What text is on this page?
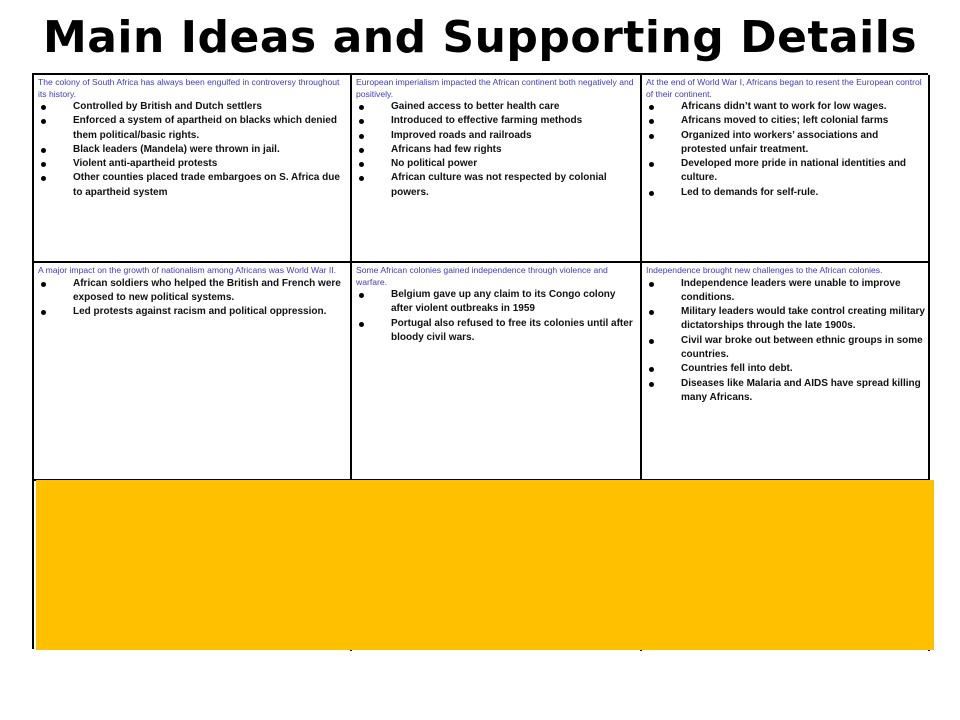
Main Ideas and Supporting Details

The colony of South Africa has always been engulfed in controversy throughout its history.

Controlled by British and Dutch settlers
Enforced a system of apartheid on blacks which denied them political/basic rights.
Black leaders (Mandela) were thrown in jail.
Violent anti-apartheid protests
Other counties placed trade embargoes on S. Africa due to apartheid system

European imperialism impacted the African continent both negatively and positively.

Gained access to better health care
Introduced to effective farming methods
Improved roads and railroads
Africans had few rights
No political power
African culture was not respected by colonial powers.

At the end of World War I, Africans began to resent the European control of their continent.

Africans didn’t want to work for low wages.
Africans moved to cities; left colonial farms
Organized into workers’ associations and protested unfair treatment.
Developed more pride in national identities and culture.
Led to demands for self-rule.

A major impact on the growth of nationalism among Africans was World War II.

African soldiers who helped the British and French were exposed to new political systems.
Led protests against racism and political oppression.

Some African colonies gained independence through violence and warfare.

Belgium gave up any claim to its Congo colony after violent outbreaks in 1959
Portugal also refused to free its colonies until after bloody civil wars.

Independence brought new challenges to the African colonies.

Independence leaders were unable to improve conditions.
Military leaders would take control creating military dictatorships through the late 1900s.
Civil war broke out between ethnic groups in some countries.
Countries fell into debt.
Diseases like Malaria and AIDS have spread killing many Africans.
